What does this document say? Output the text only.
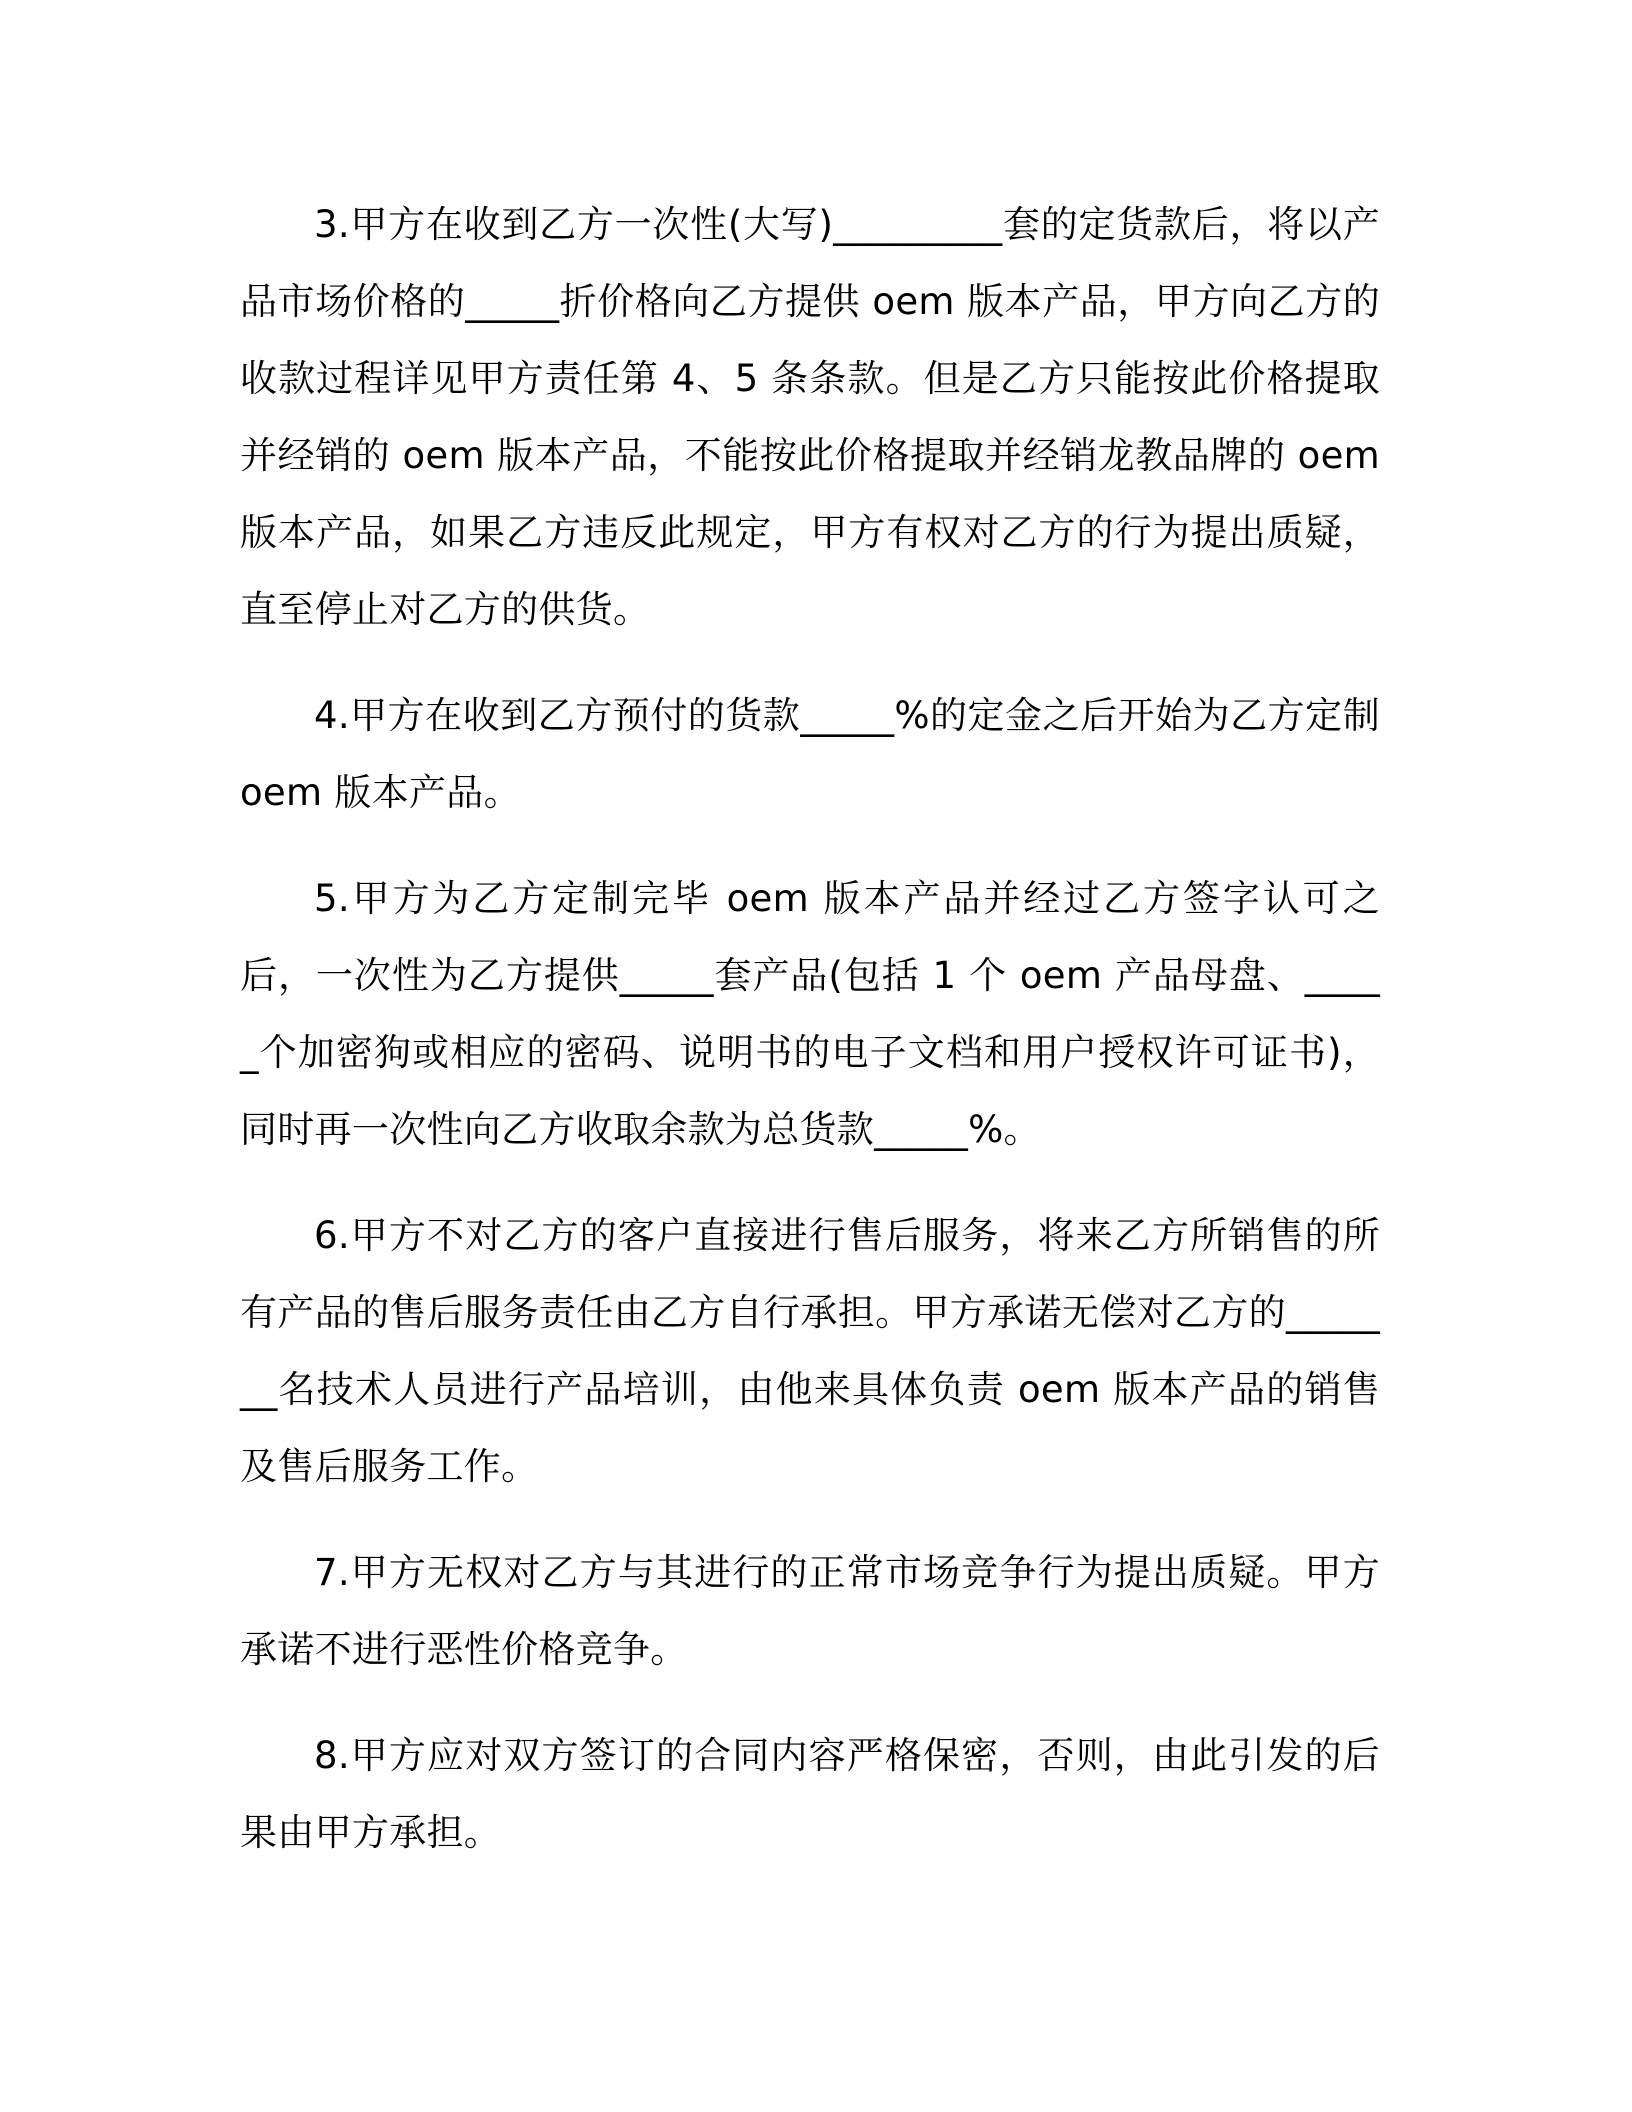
3.甲方在收到乙方一次性(大写)_________套的定货款后，将以产品市场价格的_____折价格向乙方提供 oem 版本产品，甲方向乙方的收款过程详见甲方责任第 4、5 条条款。但是乙方只能按此价格提取并经销的 oem 版本产品，不能按此价格提取并经销龙教品牌的 oem 版本产品，如果乙方违反此规定，甲方有权对乙方的行为提出质疑，直至停止对乙方的供货。

4.甲方在收到乙方预付的货款_____%的定金之后开始为乙方定制 oem 版本产品。

5.甲方为乙方定制完毕 oem 版本产品并经过乙方签字认可之后，一次性为乙方提供_____套产品(包括 1 个 oem 产品母盘、_____个加密狗或相应的密码、说明书的电子文档和用户授权许可证书)，同时再一次性向乙方收取余款为总货款_____%。

6.甲方不对乙方的客户直接进行售后服务，将来乙方所销售的所有产品的售后服务责任由乙方自行承担。甲方承诺无偿对乙方的_______名技术人员进行产品培训，由他来具体负责 oem 版本产品的销售及售后服务工作。

7.甲方无权对乙方与其进行的正常市场竞争行为提出质疑。甲方承诺不进行恶性价格竞争。

8.甲方应对双方签订的合同内容严格保密，否则，由此引发的后果由甲方承担。
